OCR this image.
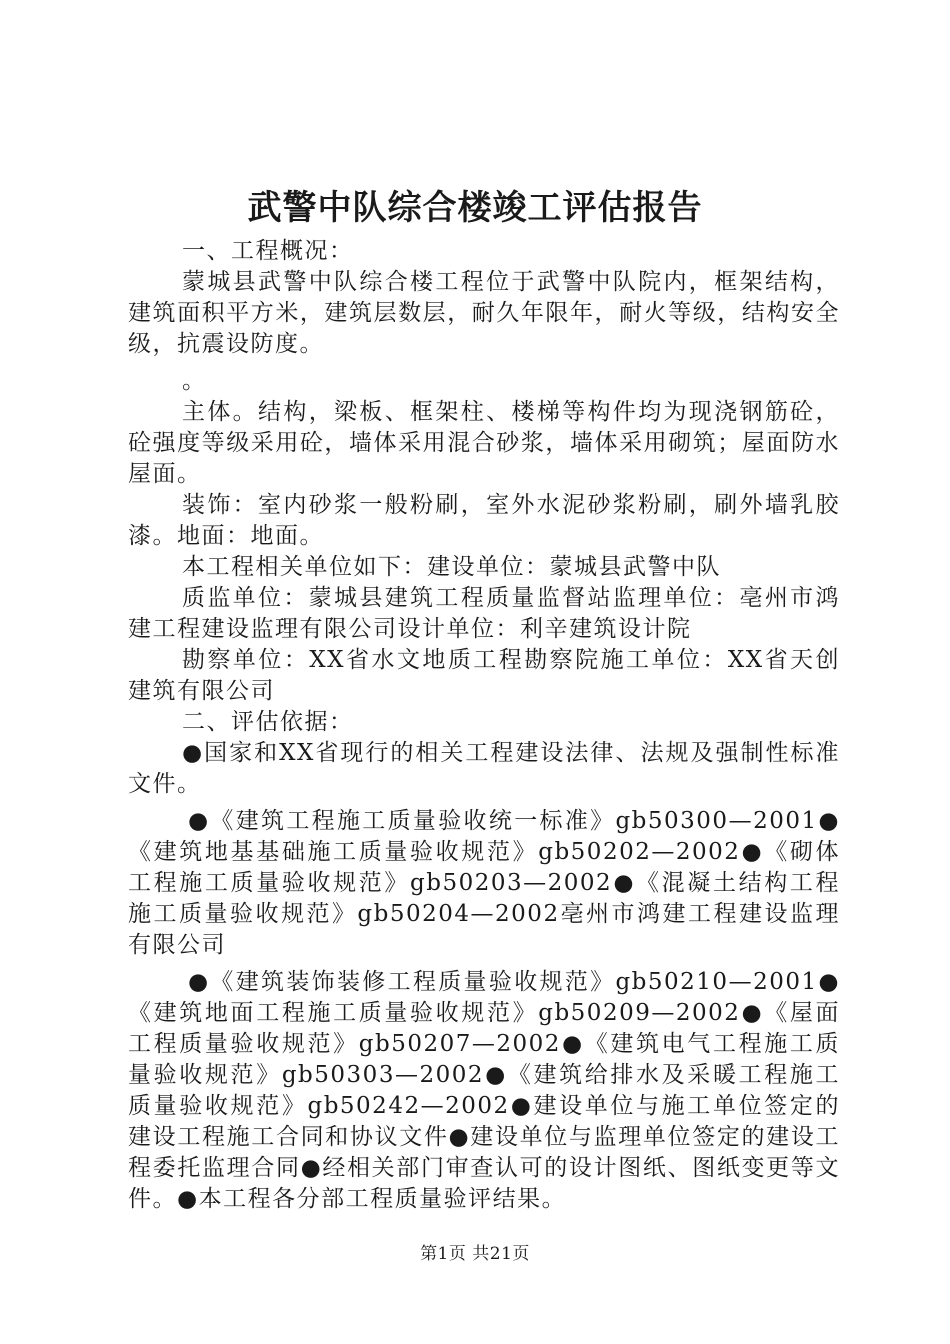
武警中队综合楼竣工评估报告

一、工程概况：

蒙城县武警中队综合楼工程位于武警中队院内，框架结构，建筑面积平方米，建筑层数层，耐久年限年，耐火等级，结构安全级，抗震设防度。

。

主体。结构，梁板、框架柱、楼梯等构件均为现浇钢筋砼，砼强度等级采用砼，墙体采用混合砂浆，墙体采用砌筑；屋面防水屋面。

装饰：室内砂浆一般粉刷，室外水泥砂浆粉刷，刷外墙乳胶漆。地面：地面。

本工程相关单位如下：建设单位：蒙城县武警中队

质监单位：蒙城县建筑工程质量监督站监理单位：亳州市鸿建工程建设监理有限公司设计单位：利辛建筑设计院

勘察单位：XX省水文地质工程勘察院施工单位：XX省天创建筑有限公司

二、评估依据：

●国家和XX省现行的相关工程建设法律、法规及强制性标准文件。

●《建筑工程施工质量验收统一标准》gb50300—2001●《建筑地基基础施工质量验收规范》gb50202—2002●《砌体工程施工质量验收规范》gb50203—2002●《混凝土结构工程施工质量验收规范》gb50204—2002亳州市鸿建工程建设监理有限公司

●《建筑装饰装修工程质量验收规范》gb50210—2001●《建筑地面工程施工质量验收规范》gb50209—2002●《屋面工程质量验收规范》gb50207—2002●《建筑电气工程施工质量验收规范》gb50303—2002●《建筑给排水及采暖工程施工质量验收规范》gb50242—2002●建设单位与施工单位签定的建设工程施工合同和协议文件●建设单位与监理单位签定的建设工程委托监理合同●经相关部门审查认可的设计图纸、图纸变更等文件。●本工程各分部工程质量验评结果。

第1页 共21页
